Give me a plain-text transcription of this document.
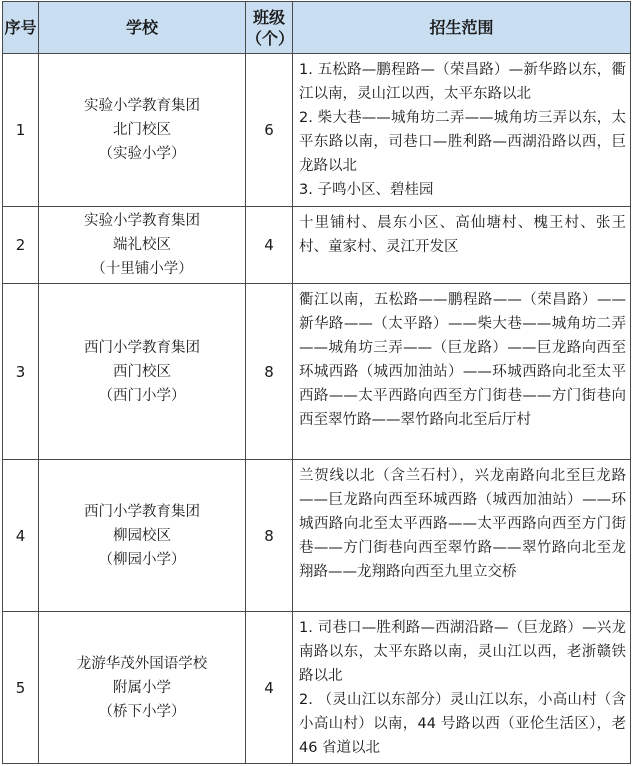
序号	学校	班级（个）	招生范围
1	实验小学教育集团
北门校区
（实验小学）	6	1. 五松路—鹏程路—（荣昌路）—新华路以东，衢江以南，灵山江以西，太平东路以北
2. 柴大巷——城角坊二弄——城角坊三弄以东，太平东路以南，司巷口—胜利路—西湖沿路以西，巨龙路以北
3. 子鸣小区、碧桂园

2	实验小学教育集团
端礼校区
（十里铺小学）	4	十里铺村、晨东小区、高仙塘村、槐王村、张王村、童家村、灵江开发区

3	西门小学教育集团
西门校区
（西门小学）	8	衢江以南，五松路——鹏程路——（荣昌路）——新华路——（太平路）——柴大巷——城角坊二弄——城角坊三弄——（巨龙路）——巨龙路向西至环城西路（城西加油站）——环城西路向北至太平西路——太平西路向西至方门街巷——方门街巷向西至翠竹路——翠竹路向北至后厅村

4	西门小学教育集团
柳园校区
（柳园小学）	8	兰贺线以北（含兰石村），兴龙南路向北至巨龙路——巨龙路向西至环城西路（城西加油站）——环城西路向北至太平西路——太平西路向西至方门街巷——方门街巷向西至翠竹路——翠竹路向北至龙翔路——龙翔路向西至九里立交桥

5	龙游华茂外国语学校
附属小学
（桥下小学）	4	1. 司巷口—胜利路—西湖沿路—（巨龙路）—兴龙南路以东，太平东路以南，灵山江以西，老浙赣铁路以北
2. （灵山江以东部分）灵山江以东，小高山村（含小高山村）以南，44 号路以西（亚伦生活区），老 46 省道以北
